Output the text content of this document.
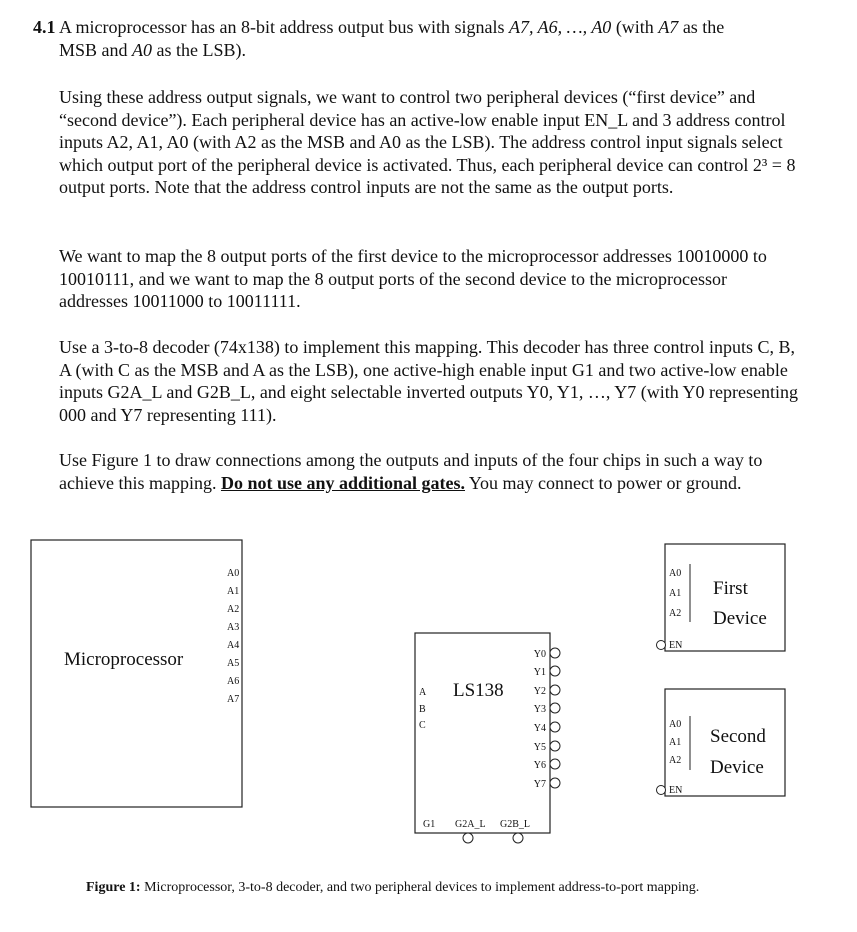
4.1 A microprocessor has an 8-bit address output bus with signals A7, A6, …, A0 (with A7 as the
MSB and A0 as the LSB).

Using these address output signals, we want to control two peripheral devices (“first device” and “second device”). Each peripheral device has an active-low enable input EN_L and 3 address control inputs A2, A1, A0 (with A2 as the MSB and A0 as the LSB). The address control input signals select which output port of the peripheral device is activated. Thus, each peripheral device can control 2³ = 8 output ports. Note that the address control inputs are not the same as the output ports.

We want to map the 8 output ports of the first device to the microprocessor addresses 10010000 to 10010111, and we want to map the 8 output ports of the second device to the microprocessor addresses 10011000 to 10011111.

Use a 3-to-8 decoder (74x138) to implement this mapping. This decoder has three control inputs C, B, A (with C as the MSB and A as the LSB), one active-high enable input G1 and two active-low enable inputs G2A_L and G2B_L, and eight selectable inverted outputs Y0, Y1, …, Y7 (with Y0 representing 000 and Y7 representing 111).

Use Figure 1 to draw connections among the outputs and inputs of the four chips in such a way to achieve this mapping. Do not use any additional gates. You may connect to power or ground.

Microprocessor
A0
A1
A2
A3
A4
A5
A6
A7	LS138
A
B
C
Y0
Y1
Y2
Y3
Y4
Y5
Y6
Y7
G1 G2A_L G2B_L
A0
A1
A2
EN
First
Device
A0
A1
A2
EN
Second
Device
Figure 1: Microprocessor, 3-to-8 decoder, and two peripheral devices to implement address-to-port mapping.
